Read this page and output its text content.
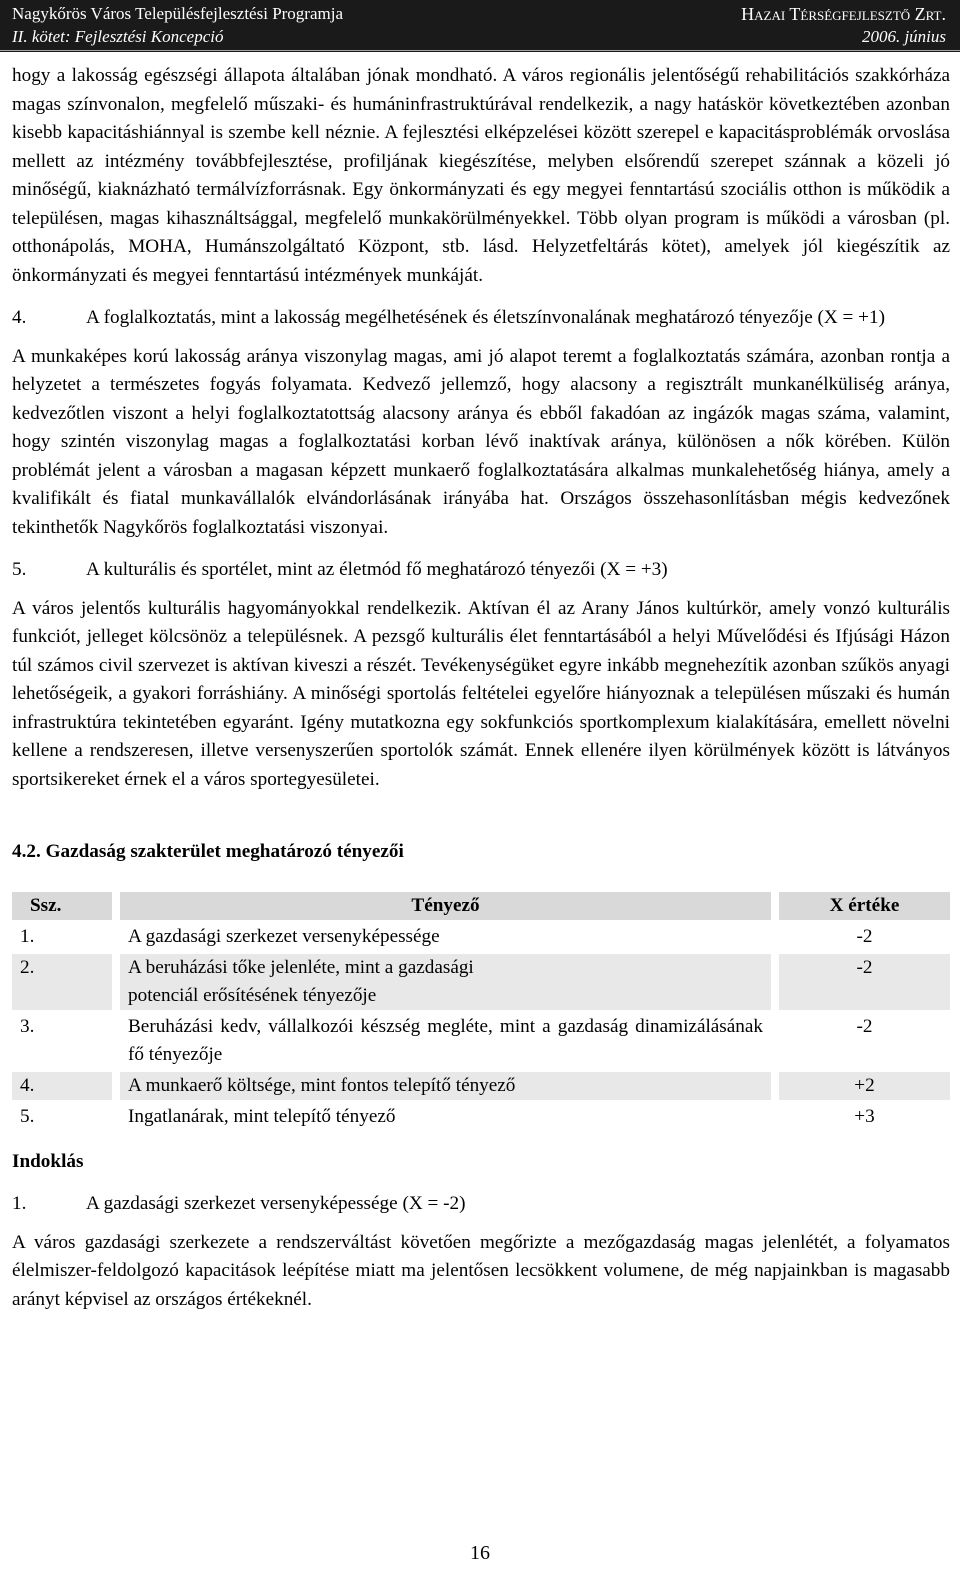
Nagykőrös Város Településfejlesztési Programja	Hazai Térségfejlesztő Zrt.
II. kötet: Fejlesztési Koncepció	2006. június

hogy a lakosság egészségi állapota általában jónak mondható. A város regionális jelentőségű rehabilitációs szakkórháza magas színvonalon, megfelelő műszaki- és humáninfrastruktúrával rendelkezik, a nagy hatáskör következtében azonban kisebb kapacitáshiánnyal is szembe kell néznie. A fejlesztési elképzelései között szerepel e kapacitásproblémák orvoslása mellett az intézmény továbbfejlesztése, profiljának kiegészítése, melyben elsőrendű szerepet szánnak a közeli jó minőségű, kiaknázható termálvízforrásnak. Egy önkormányzati és egy megyei fenntartású szociális otthon is működik a településen, magas kihasználtsággal, megfelelő munkakörülményekkel. Több olyan program is működi a városban (pl. otthonápolás, MOHA, Humánszolgáltató Központ, stb. lásd. Helyzetfeltárás kötet), amelyek jól kiegészítik az önkormányzati és megyei fenntartású intézmények munkáját.

4.	A foglalkoztatás, mint a lakosság megélhetésének és életszínvonalának meghatározó tényezője (X = +1)

A munkaképes korú lakosság aránya viszonylag magas, ami jó alapot teremt a foglalkoztatás számára, azonban rontja a helyzetet a természetes fogyás folyamata. Kedvező jellemző, hogy alacsony a regisztrált munkanélküliség aránya, kedvezőtlen viszont a helyi foglalkoztatottság alacsony aránya és ebből fakadóan az ingázók magas száma, valamint, hogy szintén viszonylag magas a foglalkoztatási korban lévő inaktívak aránya, különösen a nők körében. Külön problémát jelent a városban a magasan képzett munkaerő foglalkoztatására alkalmas munkalehetőség hiánya, amely a kvalifikált és fiatal munkavállalók elvándorlásának irányába hat. Országos összehasonlításban mégis kedvezőnek tekinthetők Nagykőrös foglalkoztatási viszonyai.

5.	A kulturális és sportélet, mint az életmód fő meghatározó tényezői (X = +3)

A város jelentős kulturális hagyományokkal rendelkezik. Aktívan él az Arany János kultúrkör, amely vonzó kulturális funkciót, jelleget kölcsönöz a településnek. A pezsgő kulturális élet fenntartásából a helyi Művelődési és Ifjúsági Házon túl számos civil szervezet is aktívan kiveszi a részét. Tevékenységüket egyre inkább megnehezítik azonban szűkös anyagi lehetőségeik, a gyakori forráshiány. A minőségi sportolás feltételei egyelőre hiányoznak a településen műszaki és humán infrastruktúra tekintetében egyaránt. Igény mutatkozna egy sokfunkciós sportkomplexum kialakítására, emellett növelni kellene a rendszeresen, illetve versenyszerűen sportolók számát. Ennek ellenére ilyen körülmények között is látványos sportsikereket érnek el a város sportegyesületei.

4.2. Gazdaság szakterület meghatározó tényezői

Ssz.	Tényező	X értéke
1.	A gazdasági szerkezet versenyképessége	-2
2.	A beruházási tőke jelenléte, mint a gazdasági potenciál erősítésének tényezője	-2
3.	Beruházási kedv, vállalkozói készség megléte, mint a gazdaság dinamizálásának fő tényezője	-2
4.	A munkaerő költsége, mint fontos telepítő tényező	+2
5.	Ingatlanárak, mint telepítő tényező	+3

Indoklás

1.	A gazdasági szerkezet versenyképessége (X = -2)

A város gazdasági szerkezete a rendszerváltást követően megőrizte a mezőgazdaság magas jelenlétét, a folyamatos élelmiszer-feldolgozó kapacitások leépítése miatt ma jelentősen lecsökkent volumene, de még napjainkban is magasabb arányt képvisel az országos értékeknél.

16
